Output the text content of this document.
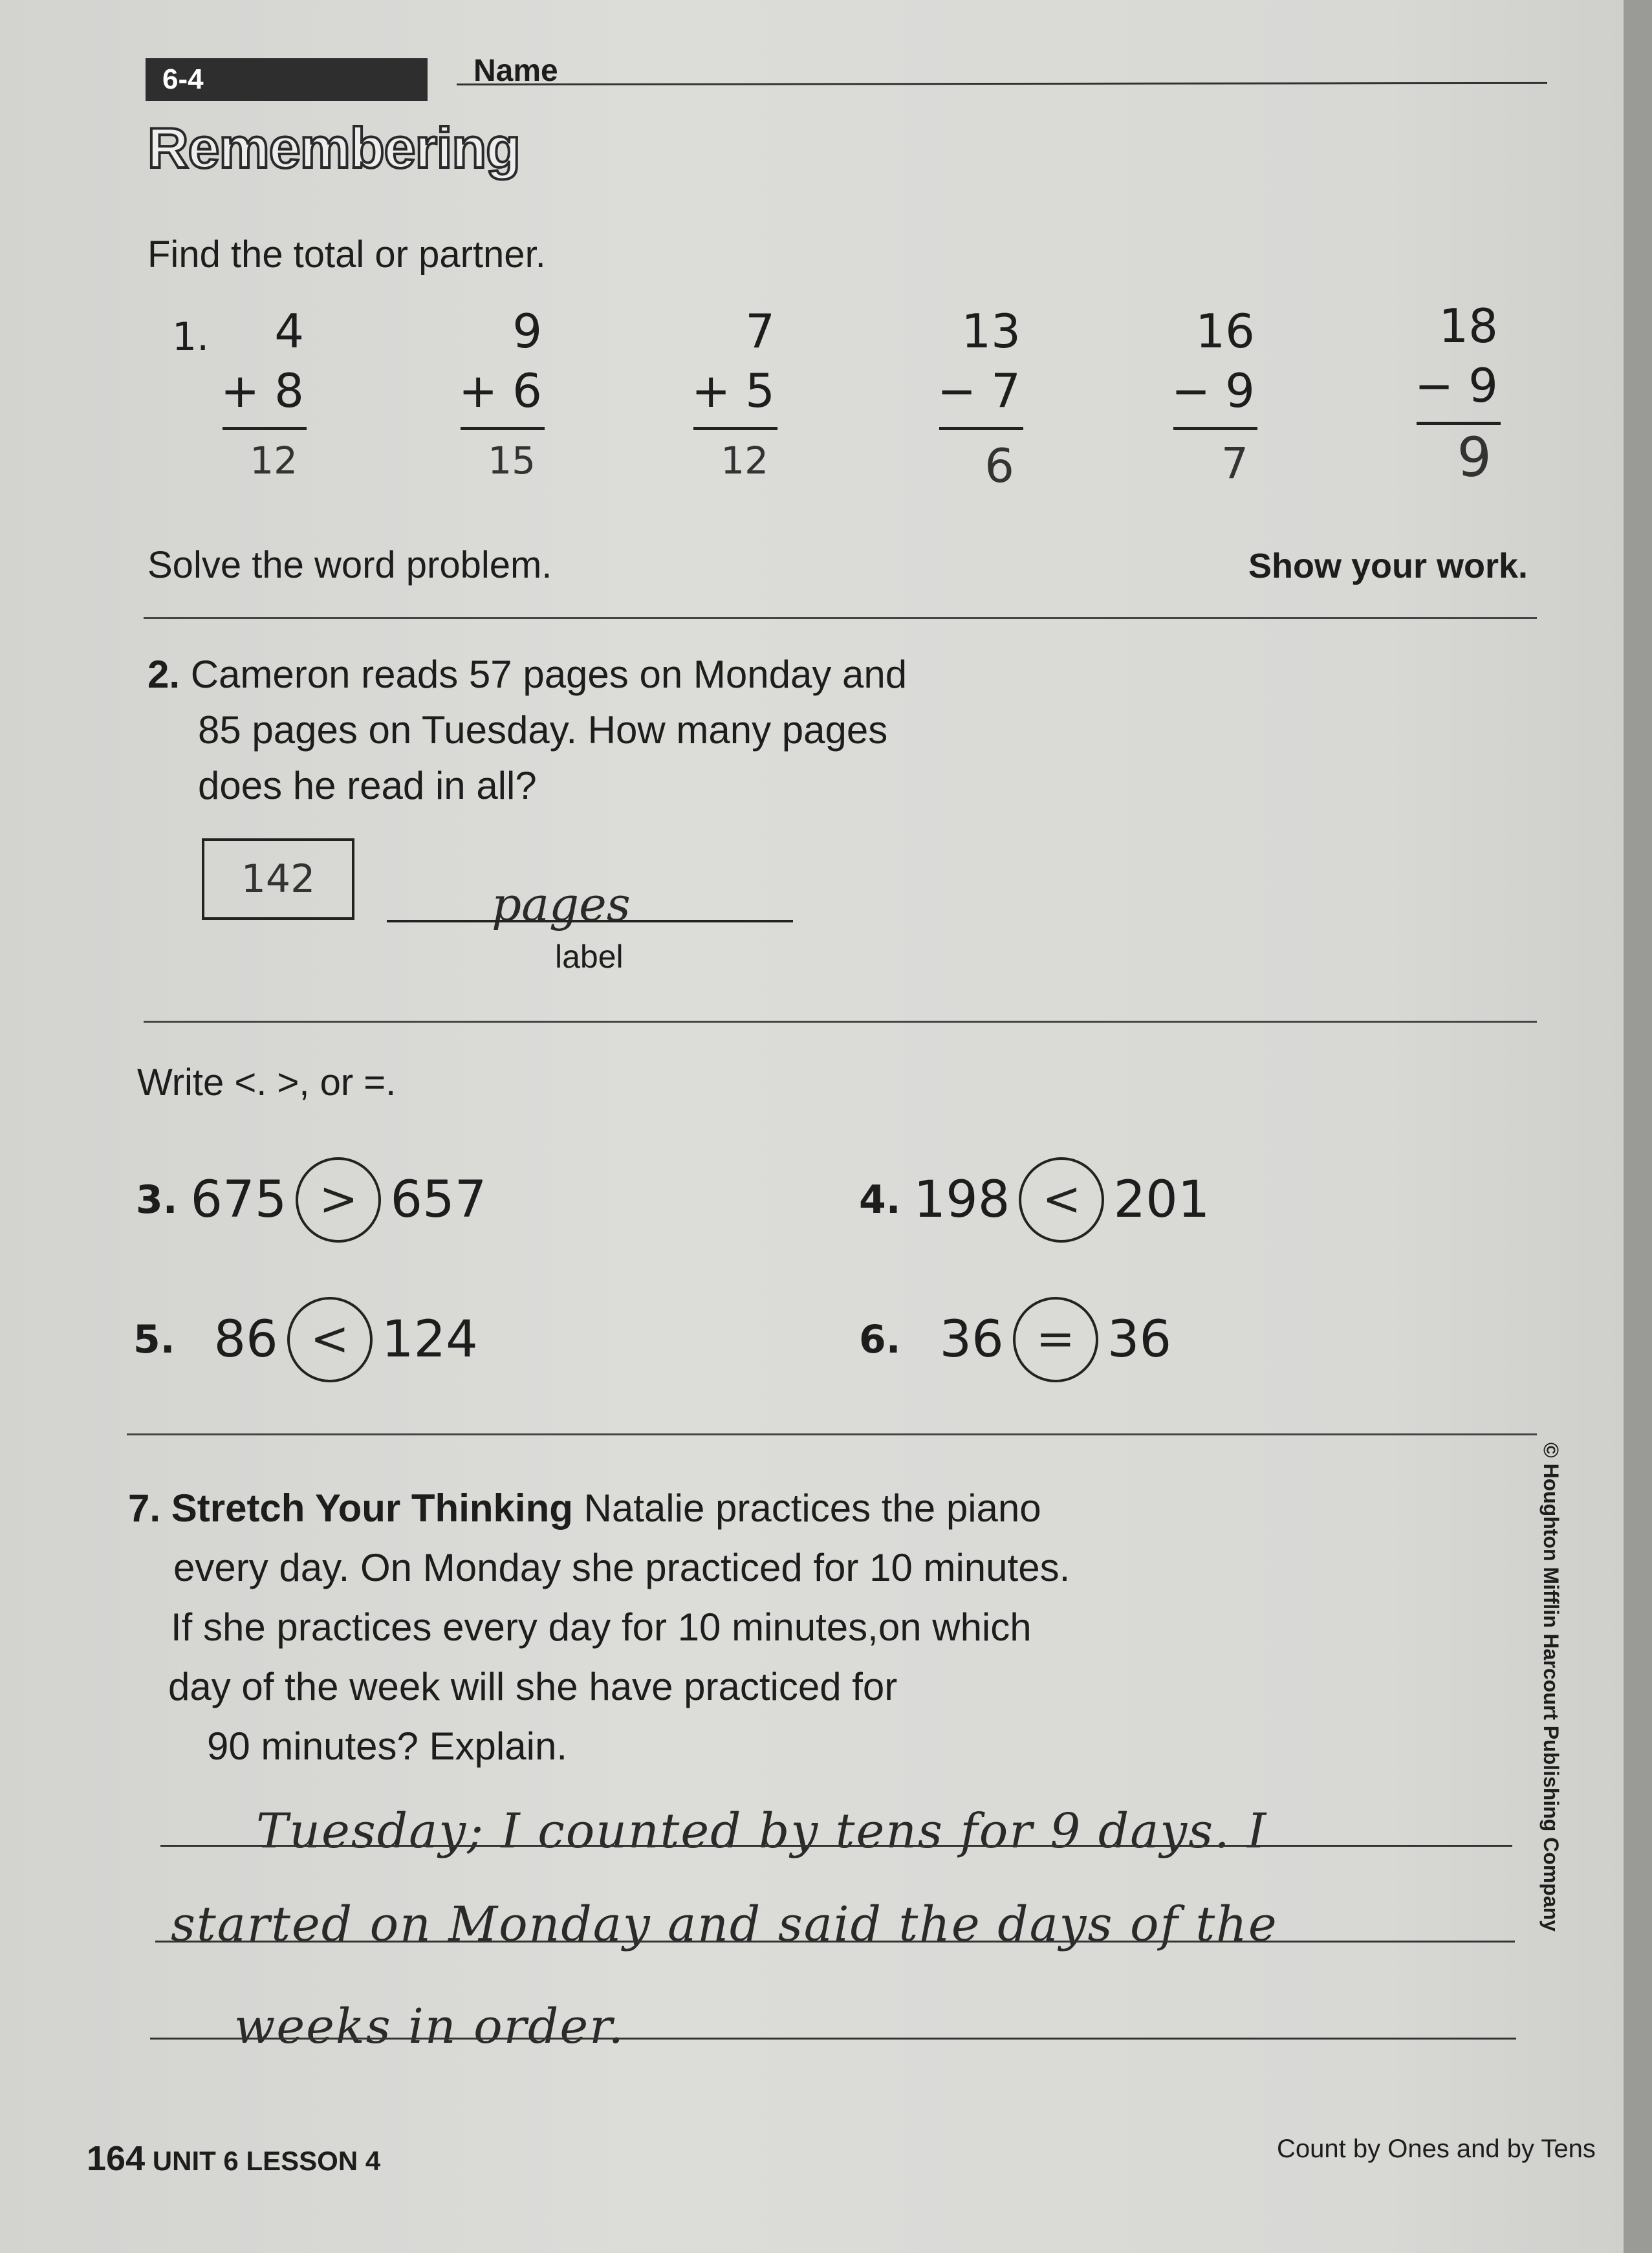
6-4	Name
Remembering
Find the total or partner.
1. 4
+ 8
12
9
+ 6
15
7
+ 5
12
13
− 7
6
16
− 9
7
18
− 9
9
Solve the word problem.	Show your work.
2. Cameron reads 57 pages on Monday and
85 pages on Tuesday. How many pages
does he read in all?
142	pages
label
Write <. >, or =.
3. 675 > 657	4. 198 < 201
5. 86 < 124	6. 36 = 36
7. Stretch Your Thinking Natalie practices the piano
every day. On Monday she practiced for 10 minutes.
If she practices every day for 10 minutes,on which
day of the week will she have practiced for
90 minutes? Explain.
Tuesday; I counted by tens for 9 days. I
started on Monday and said the days of the
weeks in order.
164 UNIT 6 LESSON 4	Count by Ones and by Tens
© Houghton Mifflin Harcourt Publishing Company
